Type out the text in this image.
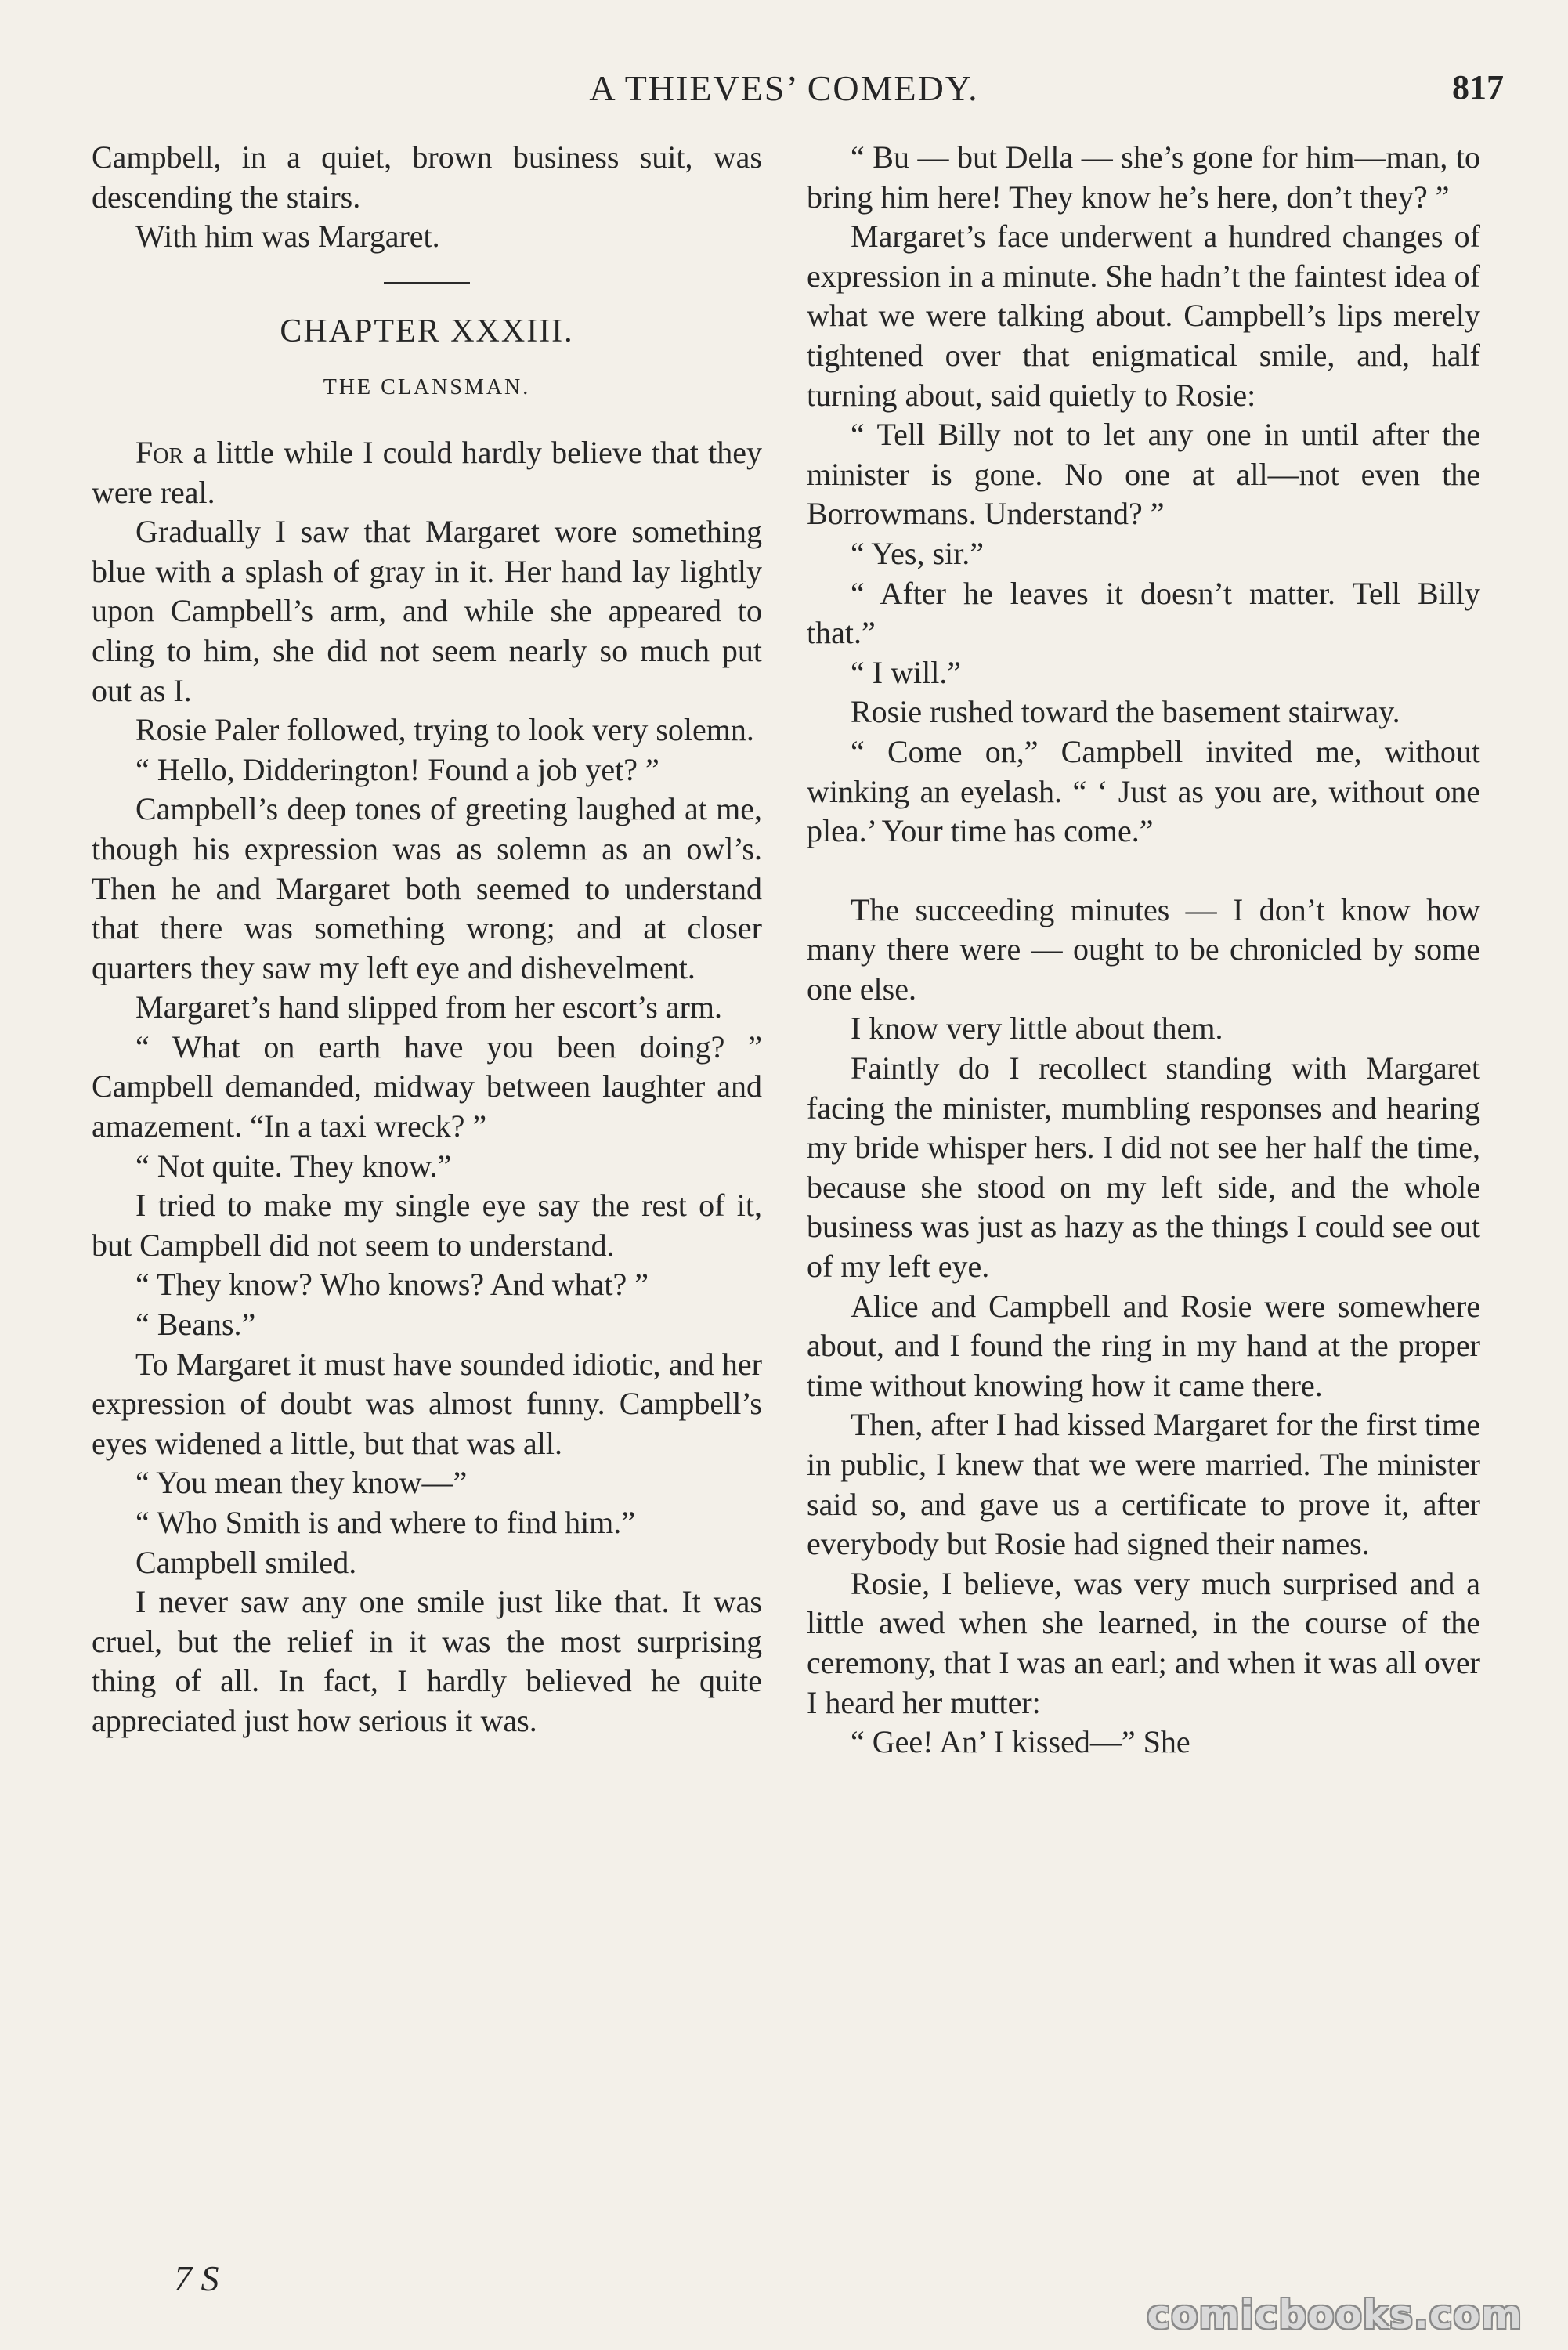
A THIEVES’ COMEDY.	817

Campbell, in a quiet, brown business suit, was descending the stairs.

With him was Margaret.

CHAPTER XXXIII.
THE CLANSMAN.

For a little while I could hardly believe that they were real.

Gradually I saw that Margaret wore something blue with a splash of gray in it. Her hand lay lightly upon Campbell’s arm, and while she appeared to cling to him, she did not seem nearly so much put out as I.

Rosie Paler followed, trying to look very solemn.

“ Hello, Didderington! Found a job yet? ”

Campbell’s deep tones of greeting laughed at me, though his expression was as solemn as an owl’s. Then he and Margaret both seemed to understand that there was something wrong; and at closer quarters they saw my left eye and dishevelment.

Margaret’s hand slipped from her escort’s arm.

“ What on earth have you been doing? ” Campbell demanded, midway between laughter and amazement. “In a taxi wreck? ”

“ Not quite. They know.”

I tried to make my single eye say the rest of it, but Campbell did not seem to understand.

“ They know? Who knows? And what? ”

“ Beans.”

To Margaret it must have sounded idiotic, and her expression of doubt was almost funny. Campbell’s eyes widened a little, but that was all.

“ You mean they know—”

“ Who Smith is and where to find him.”

Campbell smiled.

I never saw any one smile just like that. It was cruel, but the relief in it was the most surprising thing of all. In fact, I hardly believed he quite appreciated just how serious it was.

“ Bu — but Della — she’s gone for him—man, to bring him here! They know he’s here, don’t they? ”

Margaret’s face underwent a hundred changes of expression in a minute. She hadn’t the faintest idea of what we were talking about. Campbell’s lips merely tightened over that enigmatical smile, and, half turning about, said quietly to Rosie:

“ Tell Billy not to let any one in until after the minister is gone. No one at all—not even the Borrowmans. Understand? ”

“ Yes, sir.”

“ After he leaves it doesn’t matter. Tell Billy that.”

“ I will.”

Rosie rushed toward the basement stairway.

“ Come on,” Campbell invited me, without winking an eyelash. “ ‘ Just as you are, without one plea.’ Your time has come.”

The succeeding minutes — I don’t know how many there were — ought to be chronicled by some one else.

I know very little about them.

Faintly do I recollect standing with Margaret facing the minister, mumbling responses and hearing my bride whisper hers. I did not see her half the time, because she stood on my left side, and the whole business was just as hazy as the things I could see out of my left eye.

Alice and Campbell and Rosie were somewhere about, and I found the ring in my hand at the proper time without knowing how it came there.

Then, after I had kissed Margaret for the first time in public, I knew that we were married. The minister said so, and gave us a certificate to prove it, after everybody but Rosie had signed their names.

Rosie, I believe, was very much surprised and a little awed when she learned, in the course of the ceremony, that I was an earl; and when it was all over I heard her mutter:

“ Gee! An’ I kissed—” She

7 S
comicbooks.com
